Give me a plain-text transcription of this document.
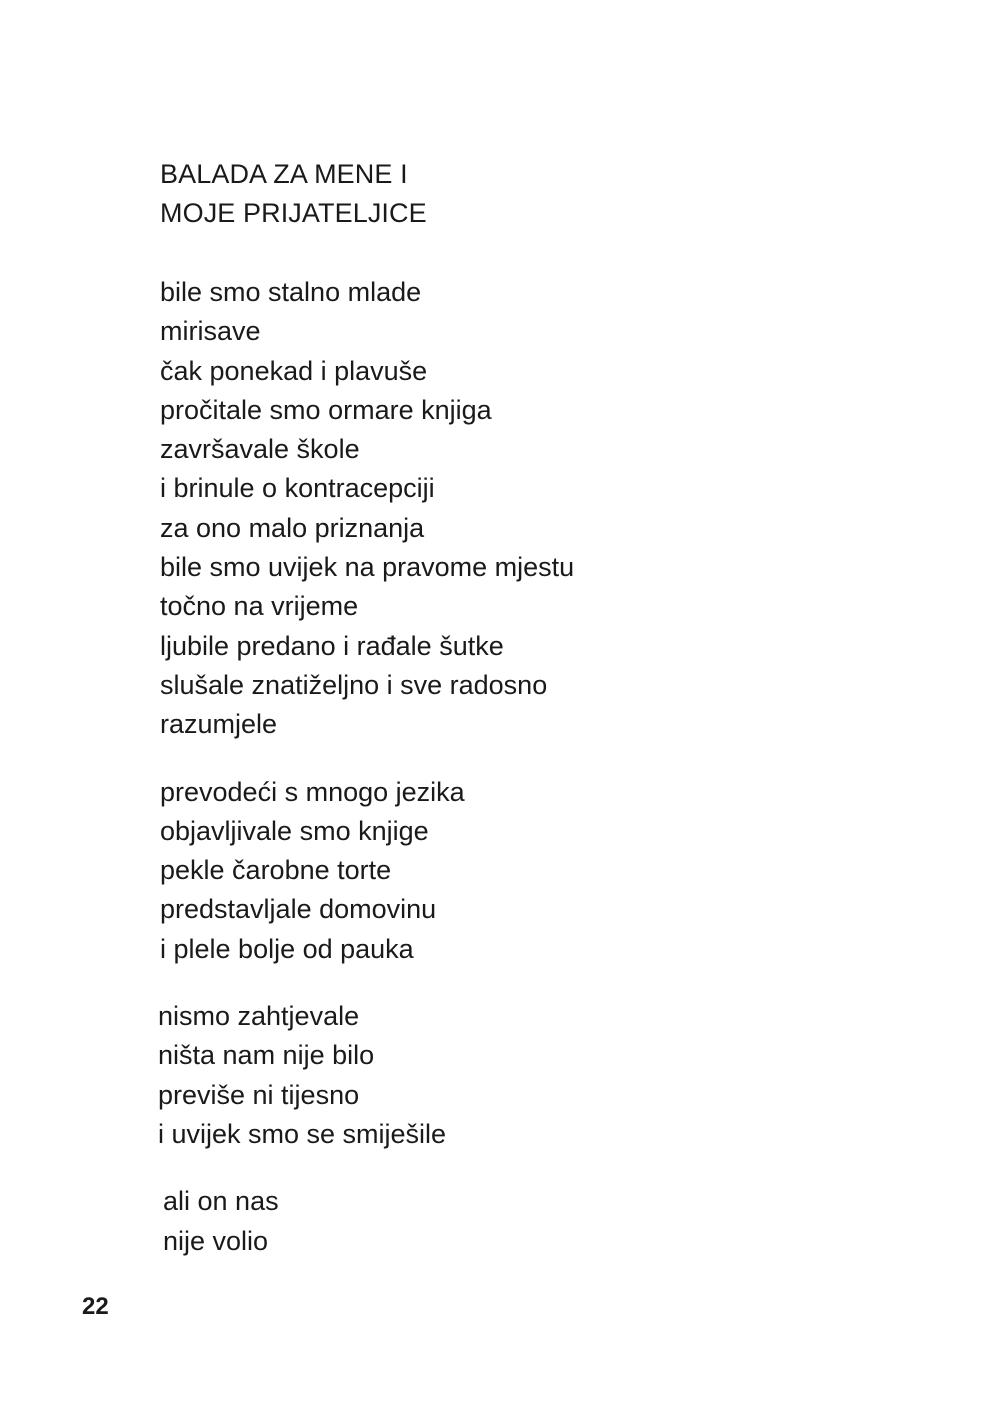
BALADA ZA MENE I

MOJE PRIJATELJICE

bile smo stalno mlade
mirisave
čak ponekad i plavuše
pročitale smo ormare knjiga
završavale škole
i brinule o kontracepciji
za ono malo priznanja
bile smo uvijek na pravome mjestu
točno na vrijeme
ljubile predano i rađale šutke
slušale znatiželjno i sve radosno
razumjele
prevodeći s mnogo jezika
objavljivale smo knjige
pekle čarobne torte
predstavljale domovinu
i plele bolje od pauka
nismo zahtjevale
ništa nam nije bilo
previše ni tijesno
i uvijek smo se smiješile
ali on nas
nije volio
22
